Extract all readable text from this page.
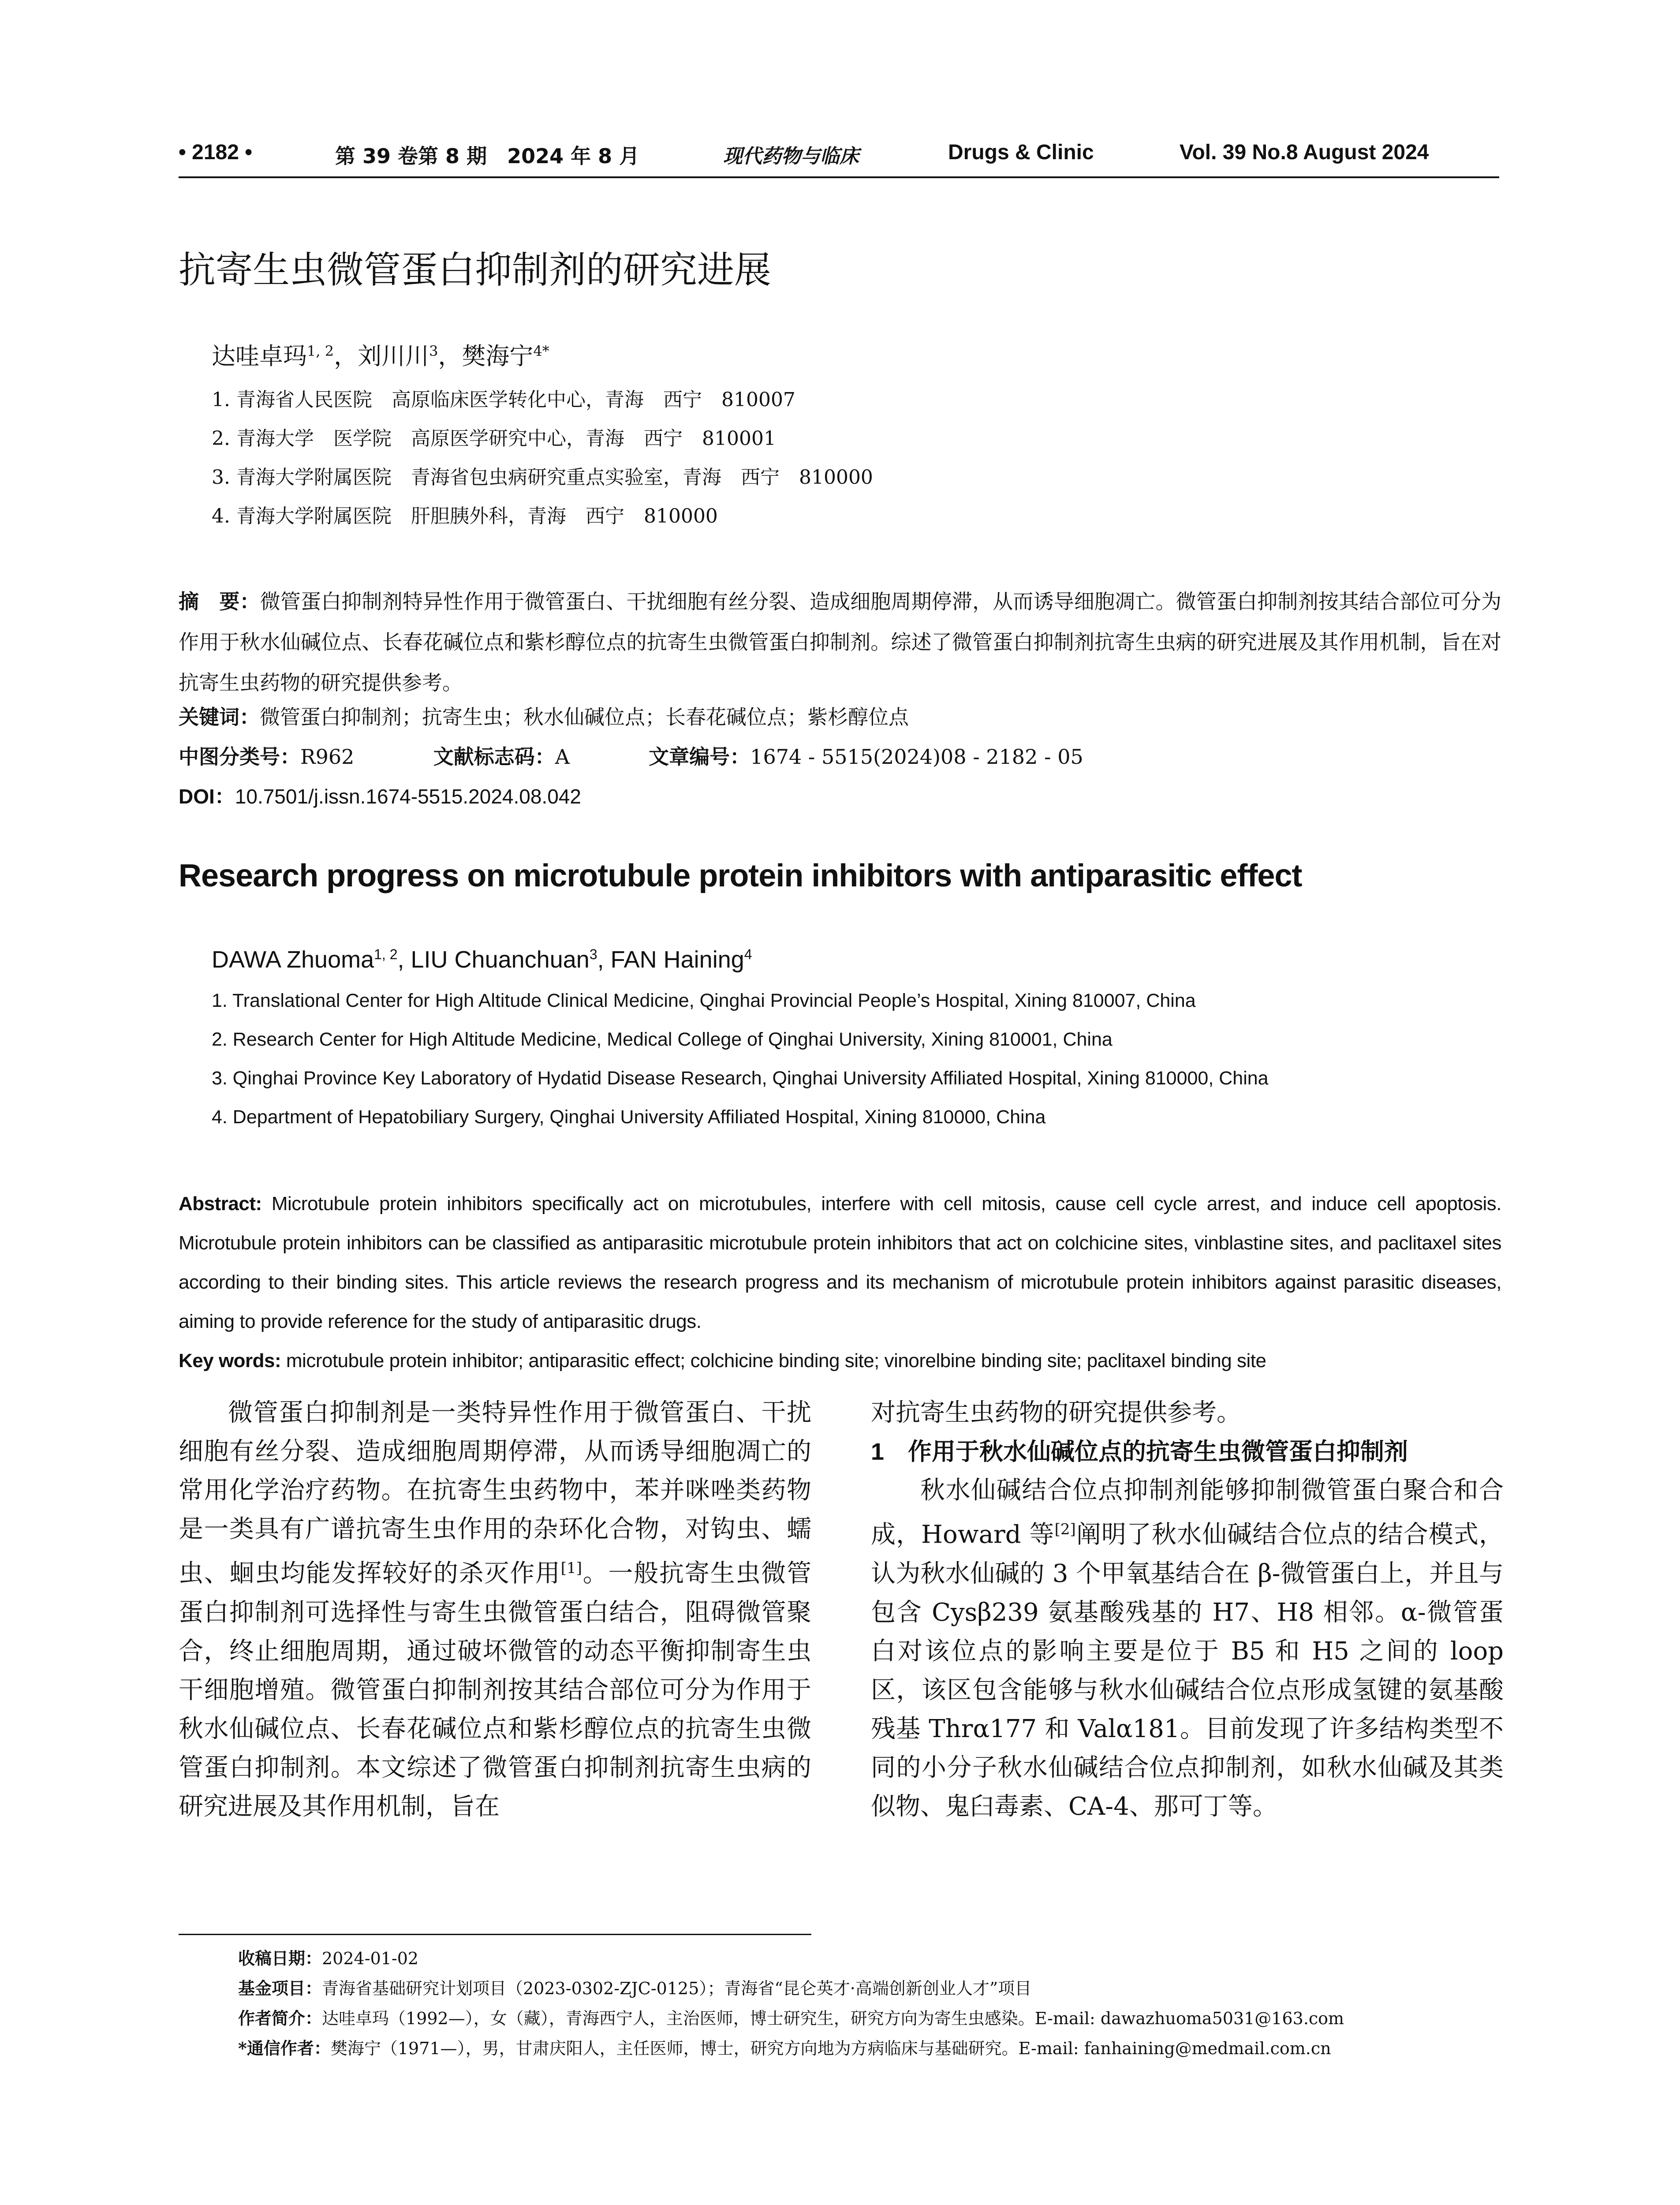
• 2182 •	第 39 卷第 8 期　2024 年 8 月	现代药物与临床	Drugs & Clinic	Vol. 39 No.8 August 2024
抗寄生虫微管蛋白抑制剂的研究进展
达哇卓玛$^{1, 2}$，刘川川$^3$，樊海宁$^{4*}$
1. 青海省人民医院　高原临床医学转化中心，青海　西宁　810007
2. 青海大学　医学院　高原医学研究中心，青海　西宁　810001
3. 青海大学附属医院　青海省包虫病研究重点实验室，青海　西宁　810000
4. 青海大学附属医院　肝胆胰外科，青海　西宁　810000
摘　要：微管蛋白抑制剂特异性作用于微管蛋白、干扰细胞有丝分裂、造成细胞周期停滞，从而诱导细胞凋亡。微管蛋白抑制剂按其结合部位可分为作用于秋水仙碱位点、长春花碱位点和紫杉醇位点的抗寄生虫微管蛋白抑制剂。综述了微管蛋白抑制剂抗寄生虫病的研究进展及其作用机制，旨在对抗寄生虫药物的研究提供参考。
关键词：微管蛋白抑制剂；抗寄生虫；秋水仙碱位点；长春花碱位点；紫杉醇位点
中图分类号：R962	文献标志码：A	文章编号：1674 - 5515(2024)08 - 2182 - 05
DOI：10.7501/j.issn.1674-5515.2024.08.042
Research progress on microtubule protein inhibitors with antiparasitic effect
DAWA Zhuoma$^{1, 2}$, LIU Chuanchuan$^3$, FAN Haining$^4$
1. Translational Center for High Altitude Clinical Medicine, Qinghai Provincial People’s Hospital, Xining 810007, China
2. Research Center for High Altitude Medicine, Medical College of Qinghai University, Xining 810001, China
3. Qinghai Province Key Laboratory of Hydatid Disease Research, Qinghai University Affiliated Hospital, Xining 810000, China
4. Department of Hepatobiliary Surgery, Qinghai University Affiliated Hospital, Xining 810000, China
Abstract: Microtubule protein inhibitors specifically act on microtubules, interfere with cell mitosis, cause cell cycle arrest, and induce cell apoptosis. Microtubule protein inhibitors can be classified as antiparasitic microtubule protein inhibitors that act on colchicine sites, vinblastine sites, and paclitaxel sites according to their binding sites. This article reviews the research progress and its mechanism of microtubule protein inhibitors against parasitic diseases, aiming to provide reference for the study of antiparasitic drugs.
Key words: microtubule protein inhibitor; antiparasitic effect; colchicine binding site; vinorelbine binding site; paclitaxel binding site

微管蛋白抑制剂是一类特异性作用于微管蛋白、干扰细胞有丝分裂、造成细胞周期停滞，从而诱导细胞凋亡的常用化学治疗药物。在抗寄生虫药物中，苯并咪唑类药物是一类具有广谱抗寄生虫作用的杂环化合物，对钩虫、蠕虫、蛔虫均能发挥较好的杀灭作用[1]。一般抗寄生虫微管蛋白抑制剂可选择性与寄生虫微管蛋白结合，阻碍微管聚合，终止细胞周期，通过破坏微管的动态平衡抑制寄生虫干细胞增殖。微管蛋白抑制剂按其结合部位可分为作用于秋水仙碱位点、长春花碱位点和紫杉醇位点的抗寄生虫微管蛋白抑制剂。本文综述了微管蛋白抑制剂抗寄生虫病的研究进展及其作用机制，旨在

对抗寄生虫药物的研究提供参考。

1　作用于秋水仙碱位点的抗寄生虫微管蛋白抑制剂

秋水仙碱结合位点抑制剂能够抑制微管蛋白聚合和合成，Howard 等[2]阐明了秋水仙碱结合位点的结合模式，认为秋水仙碱的 3 个甲氧基结合在 β-微管蛋白上，并且与包含 Cysβ239 氨基酸残基的 H7、H8 相邻。α-微管蛋白对该位点的影响主要是位于 B5 和 H5 之间的 loop 区，该区包含能够与秋水仙碱结合位点形成氢键的氨基酸残基 Thrα177 和 Valα181。目前发现了许多结构类型不同的小分子秋水仙碱结合位点抑制剂，如秋水仙碱及其类似物、鬼臼毒素、CA-4、那可丁等。

收稿日期：2024-01-02
基金项目：青海省基础研究计划项目（2023-0302-ZJC-0125）；青海省“昆仑英才·高端创新创业人才”项目
作者简介：达哇卓玛（1992—），女（藏），青海西宁人，主治医师，博士研究生，研究方向为寄生虫感染。E-mail: dawazhuoma5031@163.com
*通信作者：樊海宁（1971—），男，甘肃庆阳人，主任医师，博士，研究方向地为方病临床与基础研究。E-mail: fanhaining@medmail.com.cn
